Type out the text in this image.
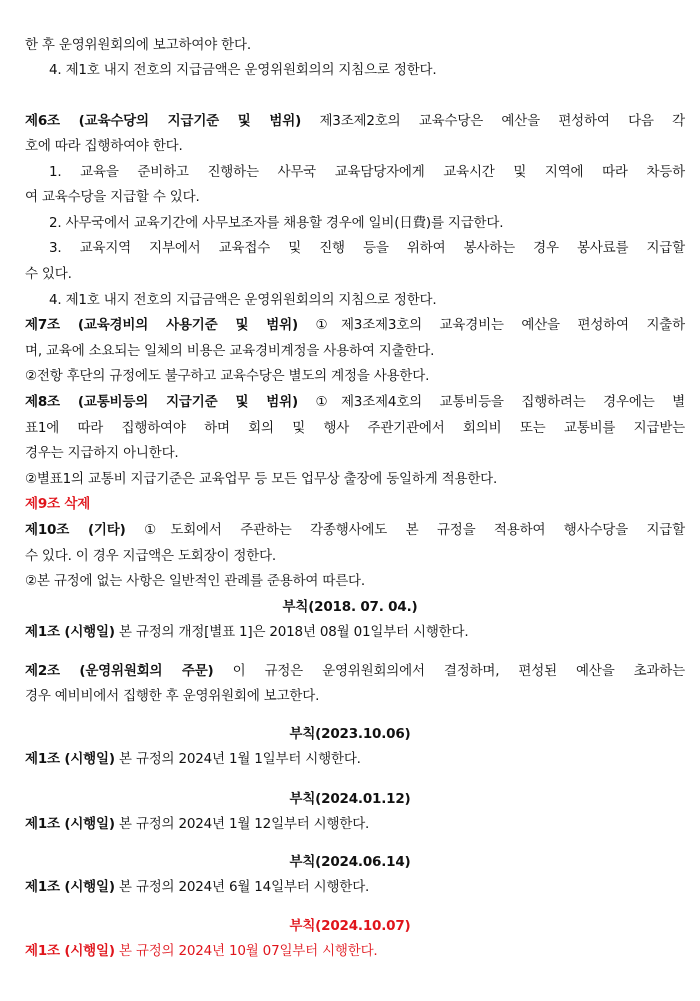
한 후 운영위원회의에 보고하여야 한다.
4. 제1호 내지 전호의 지급금액은 운영위원회의의 지침으로 정한다.
제6조 (교육수당의 지급기준 및 범위) 제3조제2호의 교육수당은 예산을 편성하여 다음 각
호에 따라 집행하여야 한다.
1. 교육을 준비하고 진행하는 사무국 교육담당자에게 교육시간 및 지역에 따라 차등하
여 교육수당을 지급할 수 있다.
2. 사무국에서 교육기간에 사무보조자를 채용할 경우에 일비(日費)를 지급한다.
3. 교육지역 지부에서 교육접수 및 진행 등을 위하여 봉사하는 경우 봉사료를 지급할
수 있다.
4. 제1호 내지 전호의 지급금액은 운영위원회의의 지침으로 정한다.
제7조 (교육경비의 사용기준 및 범위) ①제3조제3호의 교육경비는 예산을 편성하여 지출하
며, 교육에 소요되는 일체의 비용은 교육경비계정을 사용하여 지출한다.
②전항 후단의 규정에도 불구하고 교육수당은 별도의 계정을 사용한다.
제8조 (교통비등의 지급기준 및 범위) ①제3조제4호의 교통비등을 집행하려는 경우에는 별
표1에 따라 집행하여야 하며 회의 및 행사 주관기관에서 회의비 또는 교통비를 지급받는
경우는 지급하지 아니한다.
②별표1의 교통비 지급기준은 교육업무 등 모든 업무상 출장에 동일하게 적용한다.
제9조 삭제
제10조 (기타) ①도회에서 주관하는 각종행사에도 본 규정을 적용하여 행사수당을 지급할
수 있다. 이 경우 지급액은 도회장이 정한다.
②본 규정에 없는 사항은 일반적인 관례를 준용하여 따른다.
부칙(2018. 07. 04.)
제1조 (시행일) 본 규정의 개정[별표 1]은 2018년 08월 01일부터 시행한다.
제2조 (운영위원회의 주문) 이 규정은 운영위원회의에서 결정하며, 편성된 예산을 초과하는
경우 예비비에서 집행한 후 운영위원회에 보고한다.
부칙(2023.10.06)
제1조 (시행일) 본 규정의 2024년 1월 1일부터 시행한다.
부칙(2024.01.12)
제1조 (시행일) 본 규정의 2024년 1월 12일부터 시행한다.
부칙(2024.06.14)
제1조 (시행일) 본 규정의 2024년 6월 14일부터 시행한다.
부칙(2024.10.07)
제1조 (시행일) 본 규정의 2024년 10월 07일부터 시행한다.
